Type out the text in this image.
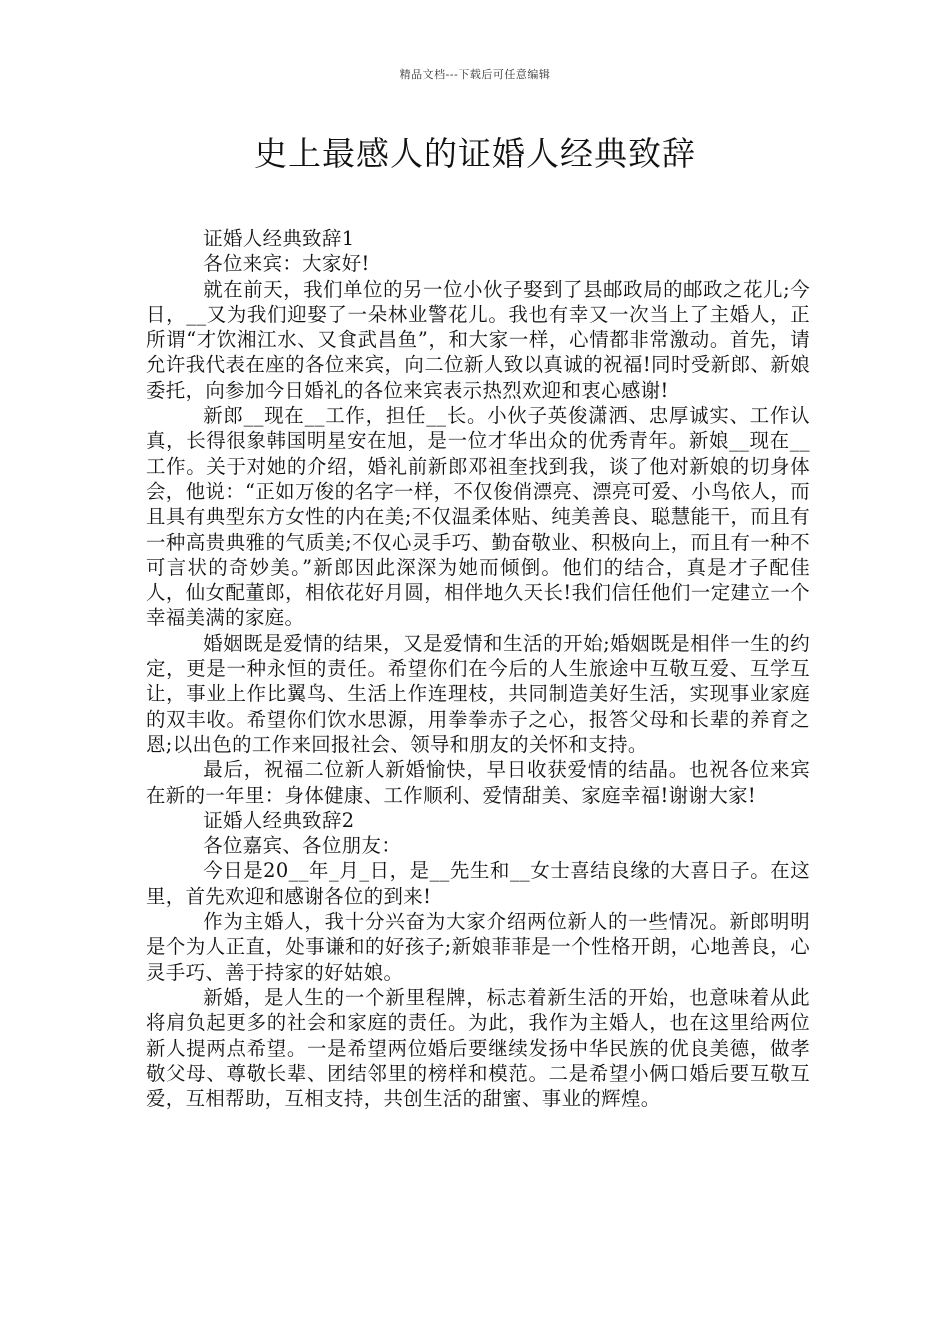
精品文档---下载后可任意编辑
史上最感人的证婚人经典致辞

证婚人经典致辞1

各位来宾：大家好!

就在前天，我们单位的另一位小伙子娶到了县邮政局的邮政之花儿;今日，__又为我们迎娶了一朵林业警花儿。我也有幸又一次当上了主婚人，正所谓“才饮湘江水、又食武昌鱼”，和大家一样，心情都非常激动。首先，请允许我代表在座的各位来宾，向二位新人致以真诚的祝福!同时受新郎、新娘委托，向参加今日婚礼的各位来宾表示热烈欢迎和衷心感谢!

新郎__现在__工作，担任__长。小伙子英俊潇洒、忠厚诚实、工作认真，长得很象韩国明星安在旭，是一位才华出众的优秀青年。新娘__现在__工作。关于对她的介绍，婚礼前新郎邓祖奎找到我，谈了他对新娘的切身体会，他说：“正如万俊的名字一样，不仅俊俏漂亮、漂亮可爱、小鸟依人，而且具有典型东方女性的内在美;不仅温柔体贴、纯美善良、聪慧能干，而且有一种高贵典雅的气质美;不仅心灵手巧、勤奋敬业、积极向上，而且有一种不可言状的奇妙美。”新郎因此深深为她而倾倒。他们的结合，真是才子配佳人，仙女配董郎，相依花好月圆，相伴地久天长!我们信任他们一定建立一个幸福美满的家庭。

婚姻既是爱情的结果，又是爱情和生活的开始;婚姻既是相伴一生的约定，更是一种永恒的责任。希望你们在今后的人生旅途中互敬互爱、互学互让，事业上作比翼鸟、生活上作连理枝，共同制造美好生活，实现事业家庭的双丰收。希望你们饮水思源，用拳拳赤子之心，报答父母和长辈的养育之恩;以出色的工作来回报社会、领导和朋友的关怀和支持。

最后，祝福二位新人新婚愉快，早日收获爱情的结晶。也祝各位来宾在新的一年里：身体健康、工作顺利、爱情甜美、家庭幸福!谢谢大家!

证婚人经典致辞2

各位嘉宾、各位朋友：

今日是20__年_月_日，是__先生和__女士喜结良缘的大喜日子。在这里，首先欢迎和感谢各位的到来!

作为主婚人，我十分兴奋为大家介绍两位新人的一些情况。新郎明明是个为人正直，处事谦和的好孩子;新娘菲菲是一个性格开朗，心地善良，心灵手巧、善于持家的好姑娘。

新婚，是人生的一个新里程牌，标志着新生活的开始，也意味着从此将肩负起更多的社会和家庭的责任。为此，我作为主婚人，也在这里给两位新人提两点希望。一是希望两位婚后要继续发扬中华民族的优良美德，做孝敬父母、尊敬长辈、团结邻里的榜样和模范。二是希望小俩口婚后要互敬互爱，互相帮助，互相支持，共创生活的甜蜜、事业的辉煌。
